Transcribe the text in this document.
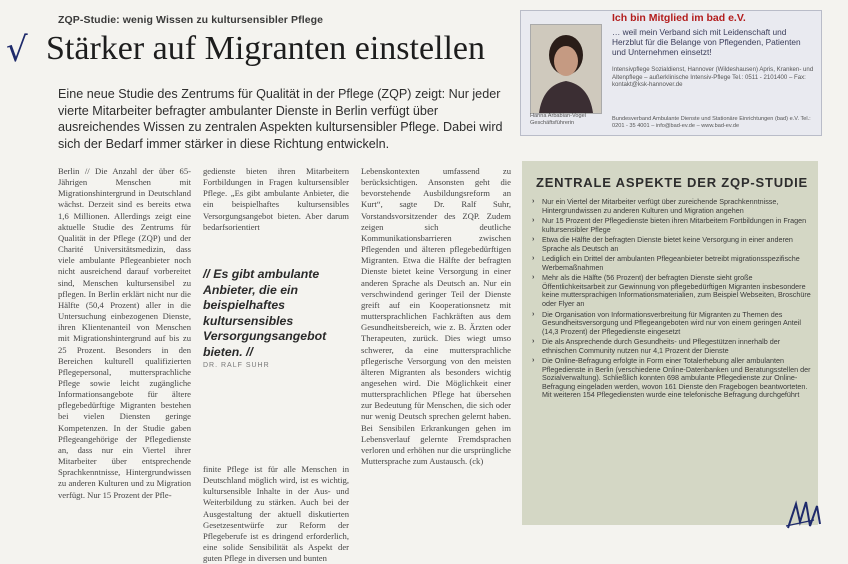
ZQP-Studie: wenig Wissen zu kultursensibler Pflege
√ Stärker auf Migranten einstellen
Eine neue Studie des Zentrums für Qualität in der Pflege (ZQP) zeigt: Nur jeder vierte Mitarbeiter befragter ambulanter Dienste in Berlin verfügt über ausreichendes Wissen zu zentralen Aspekten kultursensibler Pflege. Dabei wird sich der Bedarf immer stärker in diese Richtung entwickeln.

Berlin // Die Anzahl der über 65-Jährigen Menschen mit Migrationshintergrund in Deutschland wächst. Derzeit sind es bereits etwa 1,6 Millionen. Allerdings zeigt eine aktuelle Studie des Zentrums für Qualität in der Pflege (ZQP) und der Charité Universitätsmedizin, dass viele ambulante Pflegeanbieter noch nicht ausreichend darauf vorbereitet sind, Menschen kultursensibel zu pflegen. In Berlin erklärt nicht nur die Hälfte (50,4 Prozent) aller in die Untersuchung einbezogenen Dienste, ihren Klientenanteil von Menschen mit Migrationshintergrund auf bis zu 25 Prozent. Besonders in den Bereichen kulturell qualifizierten Pflegepersonal, muttersprachliche Pflege sowie leicht zugängliche Informationsangebote für ältere pflegebedürftige Migranten bestehen bei vielen Diensten geringe Kompetenzen. In der Studie gaben Pflegeangehörige der Pflegedienste an, dass nur ein Viertel ihrer Mitarbeiter über entsprechende Sprachkenntnisse, Hintergrundwissen zu anderen Kulturen und zu Migration verfügt. Nur 15 Prozent der Pfle-

gedienste bieten ihren Mitarbeitern Fortbildungen in Fragen kultursensibler Pflege. „Es gibt ambulante Anbieter, die ein beispielhaftes kultursensibles Versorgungsangebot bieten. Aber darum bedarfsorientiert

// Es gibt ambulante Anbieter, die ein beispielhaftes kultursensibles Versorgungsangebot bieten. //
DR. RALF SUHR

finite Pflege ist für alle Menschen in Deutschland möglich wird, ist es wichtig, kultursensible Inhalte in der Aus- und Weiterbildung zu stärken. Auch bei der Ausgestaltung der aktuell diskutierten Gesetzesentwürfe zur Reform der Pflegeberufe ist es dringend erforderlich, eine solide Sensibilität als Aspekt der guten Pflege in diversen und bunten

Lebenskontexten umfassend zu berücksichtigen. Ansonsten geht die bevorstehende Ausbildungsreform an Kurt“, sagte Dr. Ralf Suhr, Vorstandsvorsitzender des ZQP. Zudem zeigen sich deutliche Kommunikationsbarrieren zwischen Pflegenden und älteren pflegebedürftigen Migranten. Etwa die Hälfte der befragten Dienste bietet keine Versorgung in einer anderen Sprache als Deutsch an. Nur ein verschwindend geringer Teil der Dienste greift auf ein Kooperationsnetz mit muttersprachlichen Fachkräften aus dem Gesundheitsbereich, wie z. B. Ärzten oder Therapeuten, zurück. Dies wiegt umso schwerer, da eine muttersprachliche pflegerische Versorgung von den meisten älteren Migranten als besonders wichtig angesehen wird. Die Möglichkeit einer muttersprachlichen Pflege hat übersehen zur Bedeutung für Menschen, die sich oder nur wenig Deutsch sprechen gelernt haben. Bei Sensibilen Erkrankungen gehen im Lebensverlauf gelernte Fremdsprachen verloren und erhöhen nur die ursprüngliche Muttersprache zum Austausch. (ck)

Hanna Arbabian-Vogel Geschäftsführerin
Ich bin Mitglied im bad e.V.
… weil mein Verband sich mit Leidenschaft und Herzblut für die Belange von Pflegenden, Patienten und Unternehmen einsetzt!
Intensivpflege Sozialdienst, Hannover (Wildeshausen) Apris, Kranken- und Altenpflege – außerklinische Intensiv-Pflege Tel.: 0511 - 2101400 – Fax: kontakt@ksk-hannover.de
Bundesverband Ambulante Dienste und Stationäre Einrichtungen (bad) e.V. Tel.: 0201 - 35 4001 – info@bad-ev.de – www.bad-ev.de
ZENTRALE ASPEKTE DER ZQP-STUDIE
› Nur ein Viertel der Mitarbeiter verfügt über zureichende Sprachkenntnisse, Hintergrundwissen zu anderen Kulturen und Migration angehen
› Nur 15 Prozent der Pflegedienste bieten ihren Mitarbeitern Fortbildungen in Fragen kultursensibler Pflege
› Etwa die Hälfte der befragten Dienste bietet keine Versorgung in einer anderen Sprache als Deutsch an
› Lediglich ein Drittel der ambulanten Pflegeanbieter betreibt migrationsspezifische Werbemaßnahmen
› Mehr als die Hälfte (56 Prozent) der befragten Dienste sieht große Öffentlichkeitsarbeit zur Gewinnung von pflegebedürftigen Migranten insbesondere keine muttersprachigen Informationsmaterialien, zum Beispiel Webseiten, Broschüre oder Flyer an
› Die Organisation von Informationsverbreitung für Migranten zu Themen des Gesundheitsversorgung und Pflegeangeboten wird nur von einem geringen Anteil (14,3 Prozent) der Pflegedienste eingesetzt
› Die als Ansprechende durch Gesundheits- und Pflegestützen innerhalb der ethnischen Community nutzen nur 4,1 Prozent der Dienste
› Die Online-Befragung erfolgte in Form einer Totalerhebung aller ambulanten Pflegedienste in Berlin (verschiedene Online-Datenbanken und Beratungsstellen der Sozialverwaltung). Schließlich konnten 698 ambulante Pflegedienste zur Online-Befragung eingeladen werden, wovon 161 Dienste den Fragebogen beantworteten. Mit weiteren 154 Pflegediensten wurde eine telefonische Befragung durchgeführt
